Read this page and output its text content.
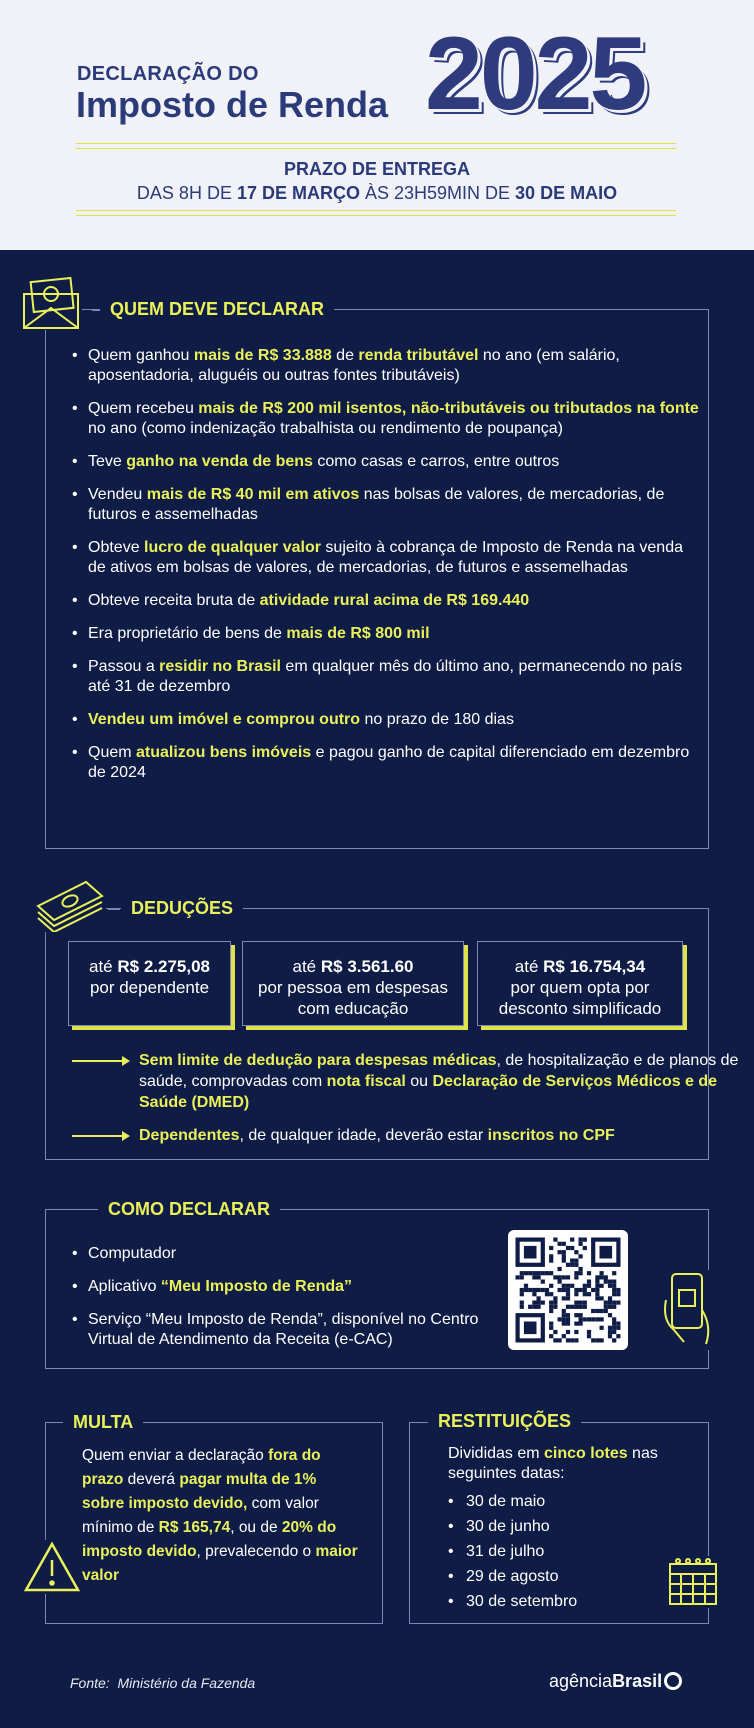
DECLARAÇÃO DO
Imposto de Renda 2025
PRAZO DE ENTREGA
DAS 8H DE 17 DE MARÇO ÀS 23H59MIN DE 30 DE MAIO
QUEM DEVE DECLARAR
• Quem ganhou mais de R$ 33.888 de renda tributável no ano (em salário, aposentadoria, aluguéis ou outras fontes tributáveis)
• Quem recebeu mais de R$ 200 mil isentos, não-tributáveis ou tributados na fonte no ano (como indenização trabalhista ou rendimento de poupança)
• Teve ganho na venda de bens como casas e carros, entre outros
• Vendeu mais de R$ 40 mil em ativos nas bolsas de valores, de mercadorias, de futuros e assemelhadas
• Obteve lucro de qualquer valor sujeito à cobrança de Imposto de Renda na venda de ativos em bolsas de valores, de mercadorias, de futuros e assemelhadas
• Obteve receita bruta de atividade rural acima de R$ 169.440
• Era proprietário de bens de mais de R$ 800 mil
• Passou a residir no Brasil em qualquer mês do último ano, permanecendo no país até 31 de dezembro
• Vendeu um imóvel e comprou outro no prazo de 180 dias
• Quem atualizou bens imóveis e pagou ganho de capital diferenciado em dezembro de 2024
DEDUÇÕES
até R$ 2.275,08
por dependente
até R$ 3.561.60
por pessoa em despesas com educação
até R$ 16.754,34
por quem opta por desconto simplificado
Sem limite de dedução para despesas médicas, de hospitalização e de planos de saúde, comprovadas com nota fiscal ou Declaração de Serviços Médicos e de Saúde (DMED)
Dependentes, de qualquer idade, deverão estar inscritos no CPF
COMO DECLARAR
• Computador
• Aplicativo “Meu Imposto de Renda”
• Serviço “Meu Imposto de Renda”, disponível no Centro Virtual de Atendimento da Receita (e-CAC)
MULTA
Quem enviar a declaração fora do prazo deverá pagar multa de 1% sobre imposto devido, com valor mínimo de R$ 165,74, ou de 20% do imposto devido, prevalecendo o maior valor
RESTITUIÇÕES
Divididas em cinco lotes nas seguintes datas:
• 30 de maio
• 30 de junho
• 31 de julho
• 29 de agosto
• 30 de setembro
Fonte: Ministério da Fazenda	agênciaBrasil
